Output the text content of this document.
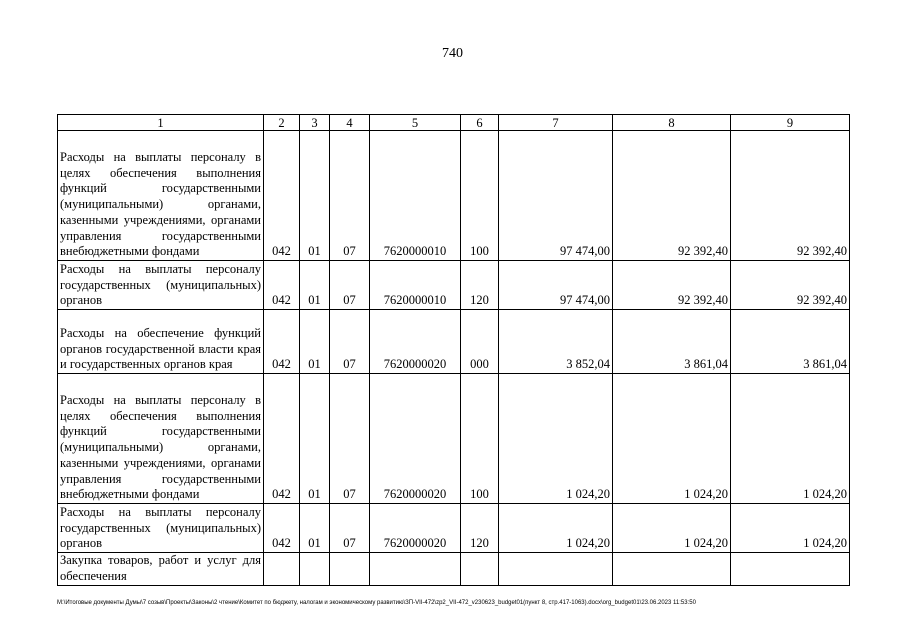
740
1	2	3	4	5	6	7	8	9
Расходы на выплаты персоналу в целях обеспечения выполнения функций государственными (муниципальными) органами, казенными учреждениями, органами управления государственными внебюджетными фондами	042	01	07	7620000010	100	97 474,00	92 392,40	92 392,40
Расходы на выплаты персоналу государственных (муниципальных) органов	042	01	07	7620000010	120	97 474,00	92 392,40	92 392,40
Расходы на обеспечение функций органов государственной власти края и государственных органов края	042	01	07	7620000020	000	3 852,04	3 861,04	3 861,04
Расходы на выплаты персоналу в целях обеспечения выполнения функций государственными (муниципальными) органами, казенными учреждениями, органами управления государственными внебюджетными фондами	042	01	07	7620000020	100	1 024,20	1 024,20	1 024,20
Расходы на выплаты персоналу государственных (муниципальных) органов	042	01	07	7620000020	120	1 024,20	1 024,20	1 024,20
Закупка товаров, работ и услуг для обеспечения								
M:\Итоговые документы Думы\7 созыв\Проекты\Законы\2 чтение\Комитет по бюджету, налогам и экономическому развитию\ЗП-VII-472\zp2_VII-472_v230623_budget01(пункт 8, стр.417-1063).docx\org_budget01\23.06.2023 11:53:50
